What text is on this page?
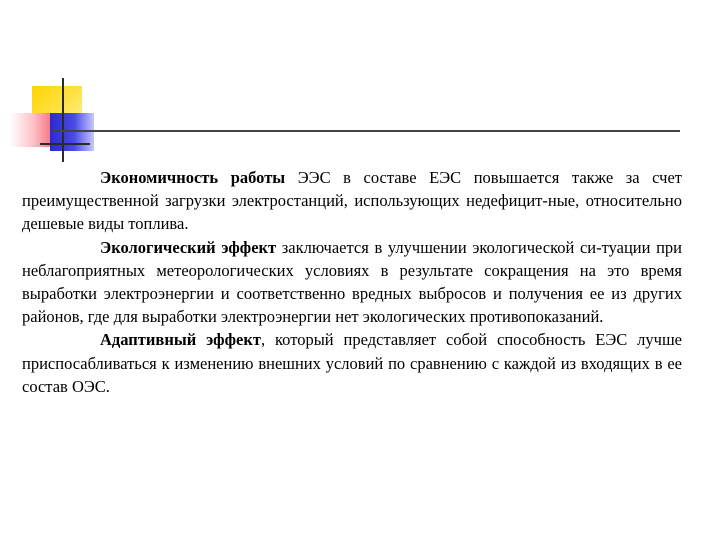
Экономичность работы ЭЭС в составе ЕЭС повышается также за счет преимущественной загрузки электростанций, использующих недефицит-ные, относительно дешевые виды топлива.

Экологический эффект заключается в улучшении экологической си-туации при неблагоприятных метеорологических условиях в результате сокращения на это время выработки электроэнергии и соответственно вредных выбросов и получения ее из других районов, где для выработки электроэнергии нет экологических противопоказаний.

Адаптивный эффект, который представляет собой способность ЕЭС лучше приспосабливаться к изменению внешних условий по сравнению с каждой из входящих в ее состав ОЭС.
